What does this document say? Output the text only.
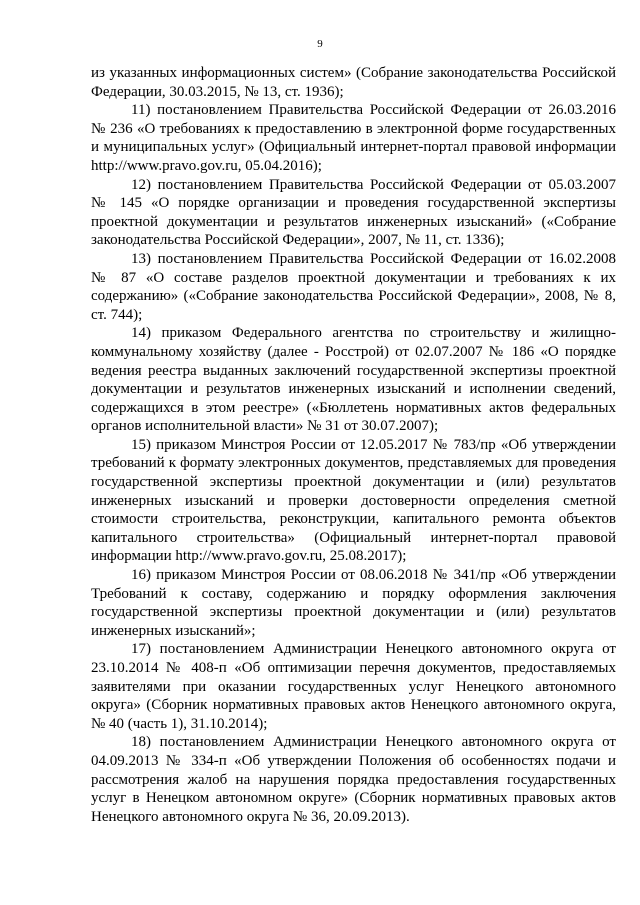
9

из указанных информационных систем» (Собрание законодательства Российской Федерации, 30.03.2015, № 13, ст. 1936);

11) постановлением Правительства Российской Федерации от 26.03.2016 № 236 «О требованиях к предоставлению в электронной форме государственных и муниципальных услуг» (Официальный интернет-портал правовой информации http://www.pravo.gov.ru, 05.04.2016);

12) постановлением Правительства Российской Федерации от 05.03.2007 № 145 «О порядке организации и проведения государственной экспертизы проектной документации и результатов инженерных изысканий» («Собрание законодательства Российской Федерации», 2007, № 11, ст. 1336);

13) постановлением Правительства Российской Федерации от 16.02.2008 № 87 «О составе разделов проектной документации и требованиях к их содержанию» («Собрание законодательства Российской Федерации», 2008, № 8, ст. 744);

14) приказом Федерального агентства по строительству и жилищно-коммунальному хозяйству (далее - Росстрой) от 02.07.2007 № 186 «О порядке ведения реестра выданных заключений государственной экспертизы проектной документации и результатов инженерных изысканий и исполнении сведений, содержащихся в этом реестре» («Бюллетень нормативных актов федеральных органов исполнительной власти» № 31 от 30.07.2007);

15) приказом Минстроя России от 12.05.2017 № 783/пр «Об утверждении требований к формату электронных документов, представляемых для проведения государственной экспертизы проектной документации и (или) результатов инженерных изысканий и проверки достоверности определения сметной стоимости строительства, реконструкции, капитального ремонта объектов капитального строительства» (Официальный интернет-портал правовой информации http://www.pravo.gov.ru, 25.08.2017);

16) приказом Минстроя России от 08.06.2018 № 341/пр «Об утверждении Требований к составу, содержанию и порядку оформления заключения государственной экспертизы проектной документации и (или) результатов инженерных изысканий»;

17) постановлением Администрации Ненецкого автономного округа от 23.10.2014 № 408-п «Об оптимизации перечня документов, предоставляемых заявителями при оказании государственных услуг Ненецкого автономного округа» (Сборник нормативных правовых актов Ненецкого автономного округа, № 40 (часть 1), 31.10.2014);

18) постановлением Администрации Ненецкого автономного округа от 04.09.2013 № 334-п «Об утверждении Положения об особенностях подачи и рассмотрения жалоб на нарушения порядка предоставления государственных услуг в Ненецком автономном округе» (Сборник нормативных правовых актов Ненецкого автономного округа № 36, 20.09.2013).
